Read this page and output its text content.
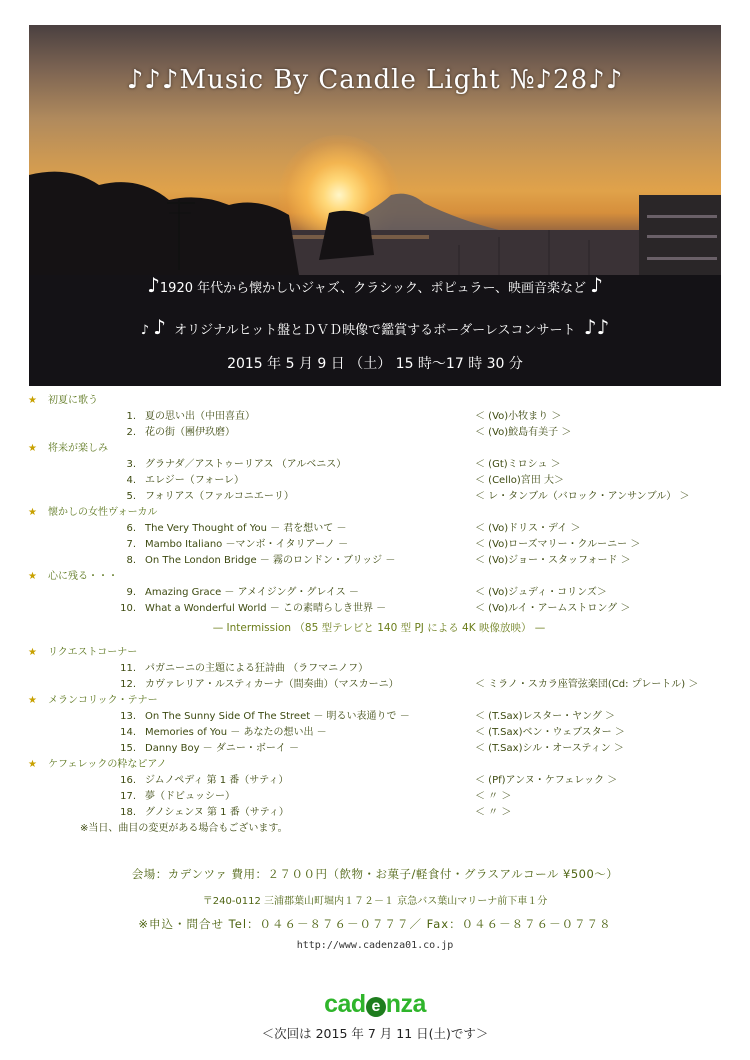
♪♪♪Music By Candle Light №♪28♪♪
♪1920 年代から懐かしいジャズ、クラシック、ポピュラー、映画音楽など ♪
♪ ♪ オリジナルヒット盤とＤＶＤ映像で鑑賞するボーダーレスコンサート ♪♪
2015 年 5 月 9 日 （土） 15 時～17 時 30 分
★ 初夏に歌う
1. 夏の思い出（中田喜直）	＜ (Vo)小牧まり ＞
2. 花の街（團伊玖磨）	＜ (Vo)鮫島有美子 ＞
★ 将来が楽しみ
3. グラナダ／アストゥーリアス （アルベニス）	＜ (Gt)ミロシュ ＞
4. エレジー（フォーレ）	＜ (Cello)宮田 大＞
5. フォリアス（ファルコニエーリ）	＜ レ・タンブル（バロック・アンサンブル） ＞
★ 懐かしの女性ヴォーカル
6. The Very Thought of You － 君を想いて －	＜ (Vo)ドリス・デイ ＞
7. Mambo Italiano －マンボ・イタリアーノ －	＜ (Vo)ローズマリー・クルーニー ＞
8. On The London Bridge － 霧のロンドン・ブリッジ －	＜ (Vo)ジョー・スタッフォード ＞
★ 心に残る・・・
9. Amazing Grace － アメイジング・グレイス －	＜ (Vo)ジュディ・コリンズ＞
10. What a Wonderful World － この素晴らしき世界 －	＜ (Vo)ルイ・アームストロング ＞
— Intermission （85 型テレビと 140 型 PJ による 4K 映像放映） —
★ リクエストコーナー
11. パガニーニの主題による狂詩曲 （ラフマニノフ）
12. カヴァレリア・ルスティカーナ（間奏曲）（マスカーニ）	＜ ミラノ・スカラ座管弦楽団(Cd: プレートル) ＞
★ メランコリック・テナー
13. On The Sunny Side Of The Street － 明るい表通りで －	＜ (T.Sax)レスター・ヤング ＞
14. Memories of You － あなたの想い出 －	＜ (T.Sax)ベン・ウェブスター ＞
15. Danny Boy － ダニー・ボーイ －	＜ (T.Sax)シル・オースティン ＞
★ ケフェレックの粋なピアノ
16. ジムノペディ 第 1 番（サティ）	＜ (Pf)アンヌ・ケフェレック ＞
17. 夢（ドビュッシー）	＜ 〃 ＞
18. グノシェンヌ 第 1 番（サティ）	＜ 〃 ＞
※当日、曲目の変更がある場合もございます。
会場：カデンツァ 費用：２７００円（飲物・お菓子/軽食付・グラスアルコール ¥500～）
〒240-0112 三浦郡葉山町堀内１７２－１ 京急バス葉山マリーナ前下車１分
※申込・問合せ Tel：０４６－８７６－０７７７／ Fax：０４６－８７６－０７７８
http://www.cadenza01.co.jp
cad e nza
＜次回は 2015 年 7 月 11 日(土)です＞
